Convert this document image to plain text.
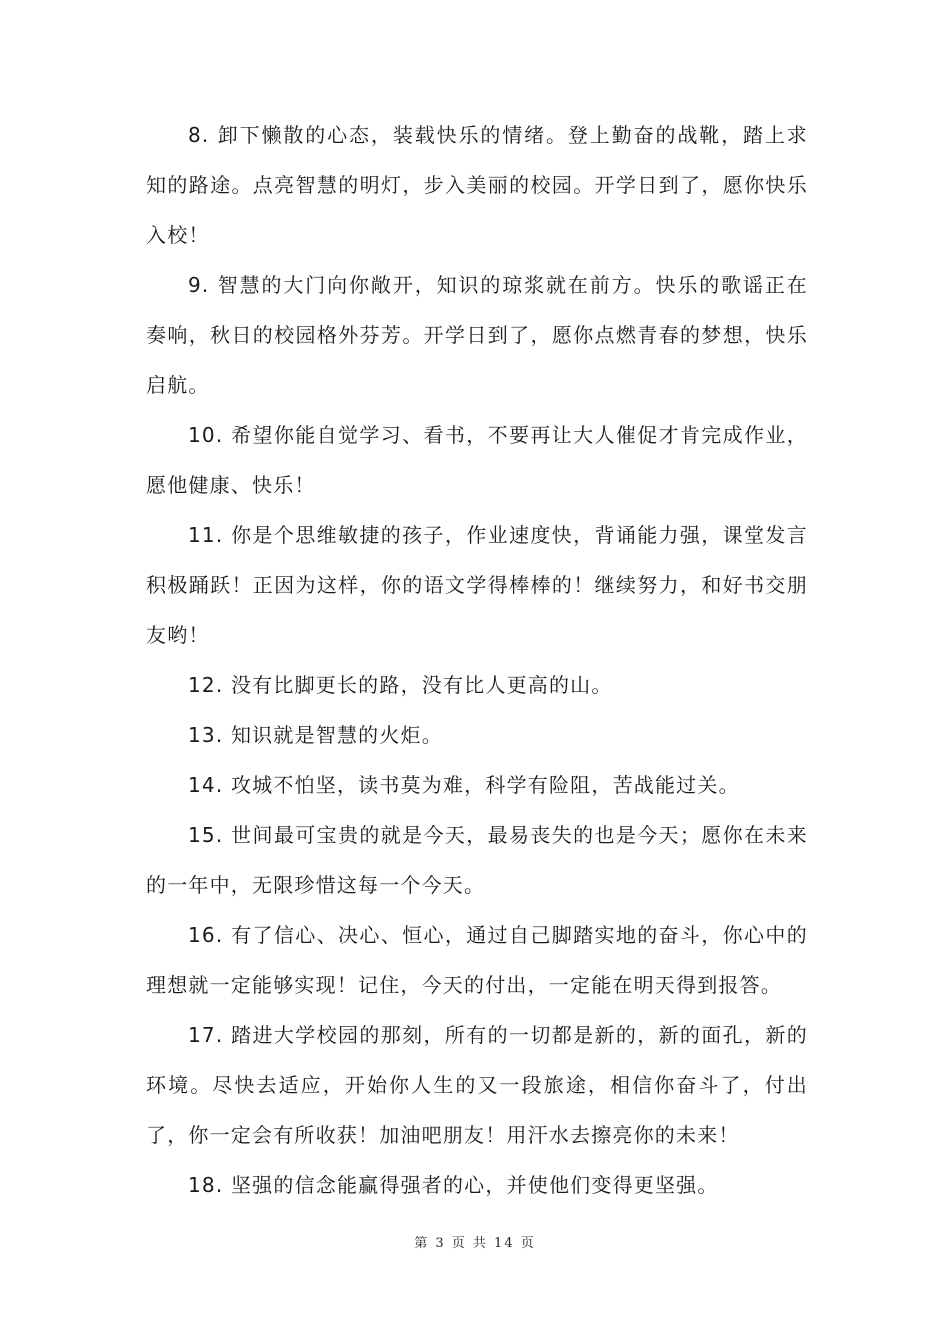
8. 卸下懒散的心态，装载快乐的情绪。登上勤奋的战靴，踏上求知的路途。点亮智慧的明灯，步入美丽的校园。开学日到了，愿你快乐入校！

9. 智慧的大门向你敞开，知识的琼浆就在前方。快乐的歌谣正在奏响，秋日的校园格外芬芳。开学日到了，愿你点燃青春的梦想，快乐启航。

10. 希望你能自觉学习、看书，不要再让大人催促才肯完成作业，愿他健康、快乐！

11. 你是个思维敏捷的孩子，作业速度快，背诵能力强，课堂发言积极踊跃！正因为这样，你的语文学得棒棒的！继续努力，和好书交朋友哟！

12. 没有比脚更长的路，没有比人更高的山。

13. 知识就是智慧的火炬。

14. 攻城不怕坚，读书莫为难，科学有险阻，苦战能过关。

15. 世间最可宝贵的就是今天，最易丧失的也是今天；愿你在未来的一年中，无限珍惜这每一个今天。

16. 有了信心、决心、恒心，通过自己脚踏实地的奋斗，你心中的理想就一定能够实现！记住，今天的付出，一定能在明天得到报答。

17. 踏进大学校园的那刻，所有的一切都是新的，新的面孔，新的环境。尽快去适应，开始你人生的又一段旅途，相信你奋斗了，付出了，你一定会有所收获！加油吧朋友！用汗水去擦亮你的未来！

18. 坚强的信念能赢得强者的心，并使他们变得更坚强。

第 3 页 共 14 页
